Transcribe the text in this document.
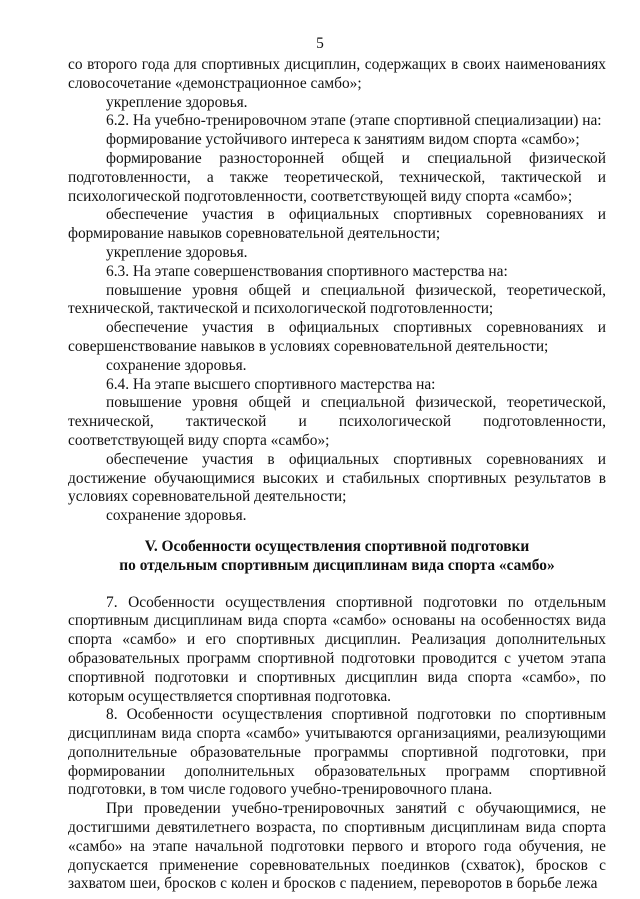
5

со второго года для спортивных дисциплин, содержащих в своих наименованиях словосочетание «демонстрационное самбо»;

укрепление здоровья.

6.2. На учебно-тренировочном этапе (этапе спортивной специализации) на:

формирование устойчивого интереса к занятиям видом спорта «самбо»;

формирование разносторонней общей и специальной физической подготовленности, а также теоретической, технической, тактической и психологической подготовленности, соответствующей виду спорта «самбо»;

обеспечение участия в официальных спортивных соревнованиях и формирование навыков соревновательной деятельности;

укрепление здоровья.

6.3. На этапе совершенствования спортивного мастерства на:

повышение уровня общей и специальной физической, теоретической, технической, тактической и психологической подготовленности;

обеспечение участия в официальных спортивных соревнованиях и совершенствование навыков в условиях соревновательной деятельности;

сохранение здоровья.

6.4. На этапе высшего спортивного мастерства на:

повышение уровня общей и специальной физической, теоретической, технической, тактической и психологической подготовленности, соответствующей виду спорта «самбо»;

обеспечение участия в официальных спортивных соревнованиях и достижение обучающимися высоких и стабильных спортивных результатов в условиях соревновательной деятельности;

сохранение здоровья.

V. Особенности осуществления спортивной подготовки
по отдельным спортивным дисциплинам вида спорта «самбо»

7. Особенности осуществления спортивной подготовки по отдельным спортивным дисциплинам вида спорта «самбо» основаны на особенностях вида спорта «самбо» и его спортивных дисциплин. Реализация дополнительных образовательных программ спортивной подготовки проводится с учетом этапа спортивной подготовки и спортивных дисциплин вида спорта «самбо», по которым осуществляется спортивная подготовка.

8. Особенности осуществления спортивной подготовки по спортивным дисциплинам вида спорта «самбо» учитываются организациями, реализующими дополнительные образовательные программы спортивной подготовки, при формировании дополнительных образовательных программ спортивной подготовки, в том числе годового учебно-тренировочного плана.

При проведении учебно-тренировочных занятий с обучающимися, не достигшими девятилетнего возраста, по спортивным дисциплинам вида спорта «самбо» на этапе начальной подготовки первого и второго года обучения, не допускается применение соревновательных поединков (схваток), бросков с захватом шеи, бросков с колен и бросков с падением, переворотов в борьбе лежа
